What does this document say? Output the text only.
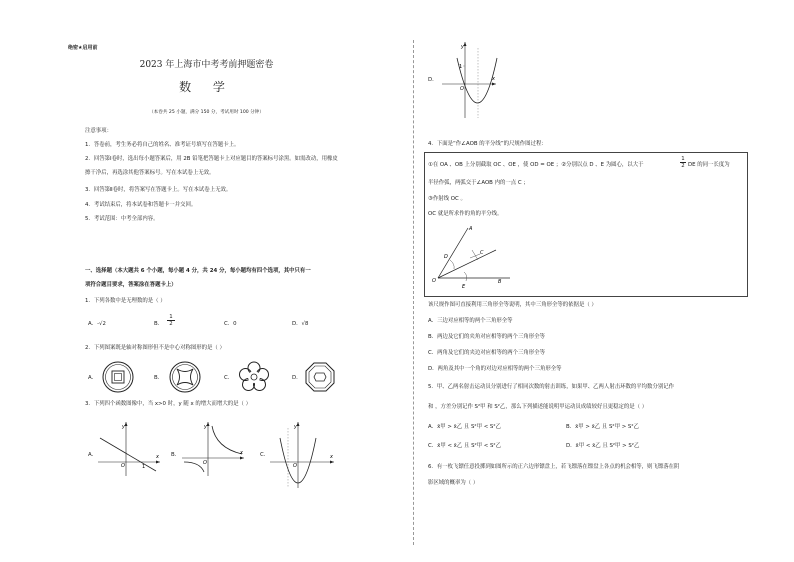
绝密★启用前
2023 年上海市中考考前押题密卷
数 学
（本卷共 25 小题，满分 150 分，考试用时 100 分钟）
注意事项：
1．答卷前，考生务必将自己的姓名、准考证号填写在答题卡上。
2．回答第Ⅰ卷时，选出每小题答案后，用 2B 铅笔把答题卡上对应题目的答案标号涂黑。如需改动，用橡皮
擦干净后，再选涂其他答案标号。写在本试卷上无效。
3．回答第Ⅱ卷时，将答案写在答题卡上。写在本试卷上无效。
4．考试结束后，将本试卷和答题卡一并交回。
5．考试范围：中考全部内容。
一、选择题（本大题共 6 个小题，每小题 4 分，共 24 分，每小题均有四个选项，其中只有一
项符合题目要求，答案涂在答题卡上）
1．下列各数中是无理数的是（ ）
A．-√2	B． $\frac{1}{2}$	C．0	D．√8
2．下列图案既是轴对称图形但不是中心对称图形的是（ ）
A．	B．	C．	D．
3．下列四个函数图像中，当 x>0 时，y 随 x 的增大而增大的是（ ）
A．	B．	C．
O	1
y
x
O
y
x
O
y
x
D．
O
1
y
x
4．下面是“作∠AOB 的平分线”的尺规作图过程：
①在 OA 、OB 上分别截取 OC 、OE ，使 OD = OE ；②分别以点 D 、E 为圆心，以大于	$\frac{1}{2}$ DE 的同一长度为
半径作弧，两弧交于∠AOB 内的一点 C ；
③作射线 OC 。
OC 就是所求作的角的平分线。
A
C
D
B
E
O
该尺规作图可直接利用三角形全等说明，其中三角形全等的依据是（ ）
A．三边对应相等的两个三角形全等
B．两边及它们的夹角对应相等的两个三角形全等
C．两角及它们的夹边对应相等的两个三角形全等
D．两角及其中一个角的对边对应相等的两个三角形全等
5．甲、乙两名射击运动员分别进行了相同次数的射击训练，如果甲、乙两人射击环数的平均数分别记作
和 ，方差分别记作 S²甲 和 S²乙，那么下列描述能说明甲运动员成绩较好且更稳定的是（ ）
A．x̄甲 > x̄乙 且 S²甲 < S²乙	B．x̄甲 > x̄乙 且 S²甲 > S²乙
C．x̄甲 < x̄乙 且 S²甲 < S²乙	D．x̄甲 < x̄乙 且 S²甲 > S²乙
6．有一枚飞镖任意投掷到如图所示的正六边形镖盘上，若飞镖落在镖盘上各点的机会相等，则飞镖落在阴
影区域的概率为（ ）
